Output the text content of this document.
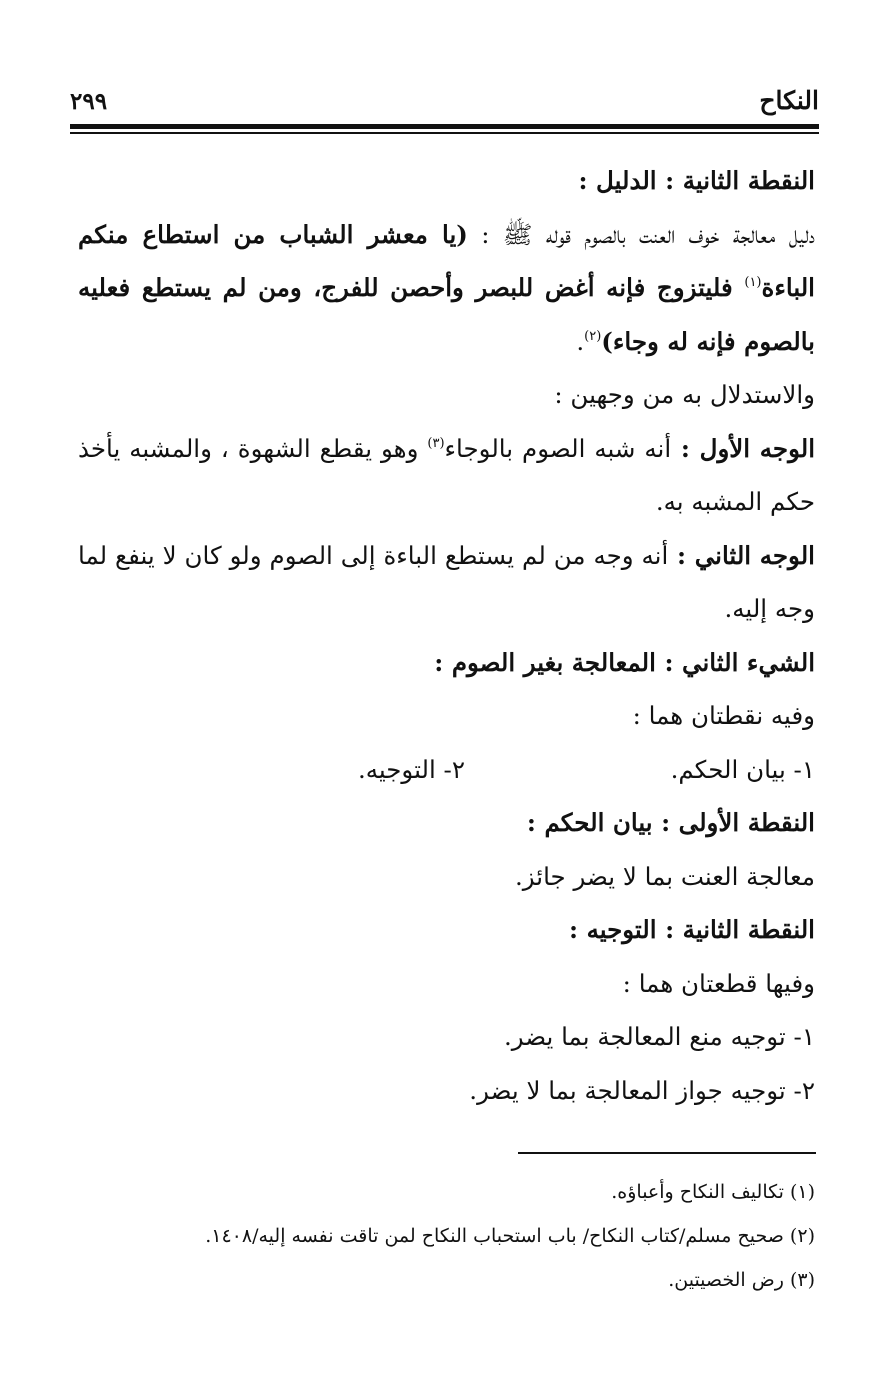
النكاح
٢٩٩

النقطة الثانية : الدليل :

دليل معالجة خوف العنت بالصوم قوله ﷺ : (يا معشر الشباب من استطاع منكم الباءة$^{(١)}$ فليتزوج فإنه أغض للبصر وأحصن للفرج، ومن لم يستطع فعليه بالصوم فإنه له وجاء)$^{(٢)}$.

والاستدلال به من وجهين :

الوجه الأول : أنه شبه الصوم بالوجاء$^{(٣)}$ وهو يقطع الشهوة ، والمشبه يأخذ حكم المشبه به.

الوجه الثاني : أنه وجه من لم يستطع الباءة إلى الصوم ولو كان لا ينفع لما وجه إليه.

الشيء الثاني : المعالجة بغير الصوم :

وفيه نقطتان هما :

١- بيان الحكم.
٢- التوجيه.

النقطة الأولى : بيان الحكم :

معالجة العنت بما لا يضر جائز.

النقطة الثانية : التوجيه :

وفيها قطعتان هما :

١- توجيه منع المعالجة بما يضر.

٢- توجيه جواز المعالجة بما لا يضر.

(١) تكاليف النكاح وأعباؤه.

(٢) صحيح مسلم/كتاب النكاح/ باب استحباب النكاح لمن تاقت نفسه إليه/١٤٠٨.

(٣) رض الخصيتين.
